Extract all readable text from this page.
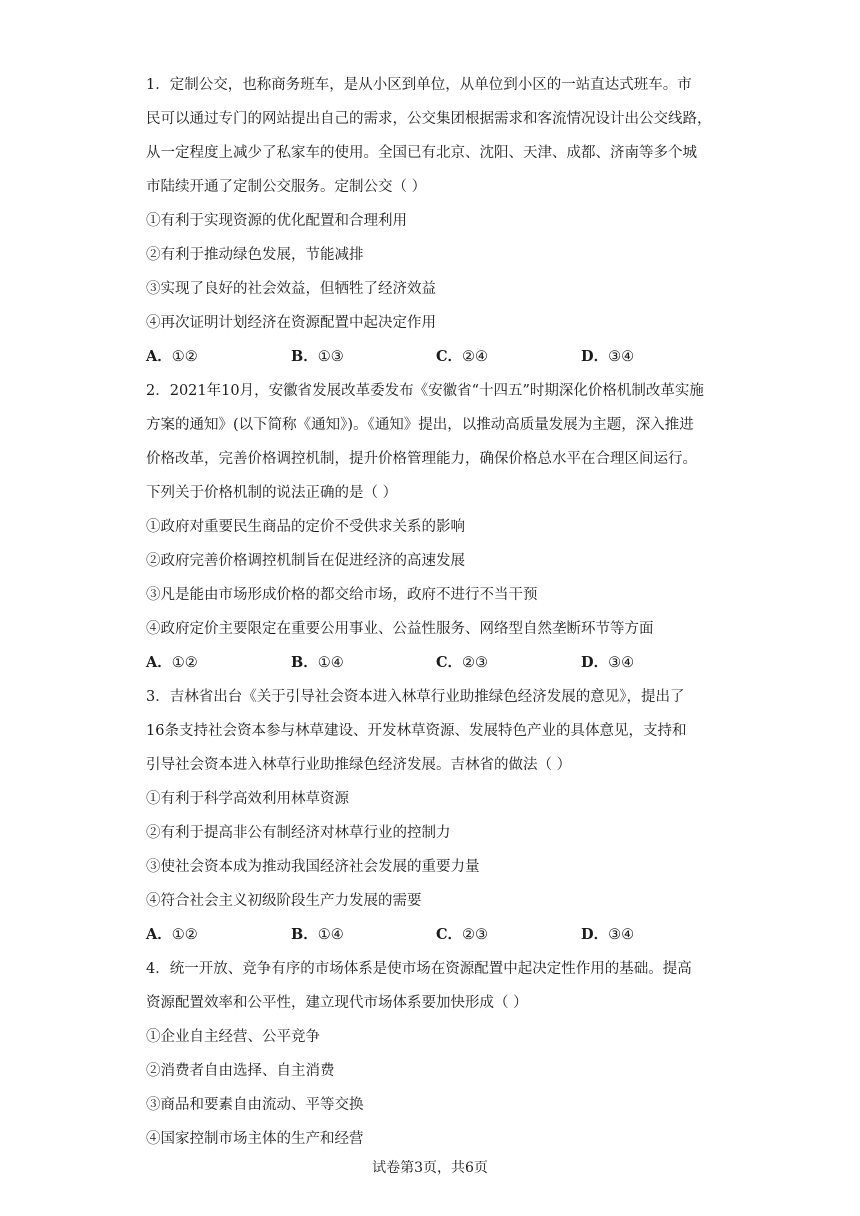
1．定制公交，也称商务班车，是从小区到单位，从单位到小区的一站直达式班车。市
民可以通过专门的网站提出自己的需求，公交集团根据需求和客流情况设计出公交线路，
从一定程度上减少了私家车的使用。全国已有北京、沈阳、天津、成都、济南等多个城
市陆续开通了定制公交服务。定制公交（ ）
①有利于实现资源的优化配置和合理利用
②有利于推动绿色发展，节能减排
③实现了良好的社会效益，但牺牲了经济效益
④再次证明计划经济在资源配置中起决定作用
A．①②	B．①③	C．②④	D．③④
2．2021年10月，安徽省发展改革委发布《安徽省“十四五”时期深化价格机制改革实施
方案的通知》(以下简称《通知》)。《通知》提出，以推动高质量发展为主题，深入推进
价格改革，完善价格调控机制，提升价格管理能力，确保价格总水平在合理区间运行。
下列关于价格机制的说法正确的是（ ）
①政府对重要民生商品的定价不受供求关系的影响
②政府完善价格调控机制旨在促进经济的高速发展
③凡是能由市场形成价格的都交给市场，政府不进行不当干预
④政府定价主要限定在重要公用事业、公益性服务、网络型自然垄断环节等方面
A．①②	B．①④	C．②③	D．③④
3．吉林省出台《关于引导社会资本进入林草行业助推绿色经济发展的意见》，提出了
16条支持社会资本参与林草建设、开发林草资源、发展特色产业的具体意见，支持和
引导社会资本进入林草行业助推绿色经济发展。吉林省的做法（ ）
①有利于科学高效利用林草资源
②有利于提高非公有制经济对林草行业的控制力
③使社会资本成为推动我国经济社会发展的重要力量
④符合社会主义初级阶段生产力发展的需要
A．①②	B．①④	C．②③	D．③④
4．统一开放、竞争有序的市场体系是使市场在资源配置中起决定性作用的基础。提高
资源配置效率和公平性，建立现代市场体系要加快形成（ ）
①企业自主经营、公平竞争
②消费者自由选择、自主消费
③商品和要素自由流动、平等交换
④国家控制市场主体的生产和经营
试卷第3页，共6页
